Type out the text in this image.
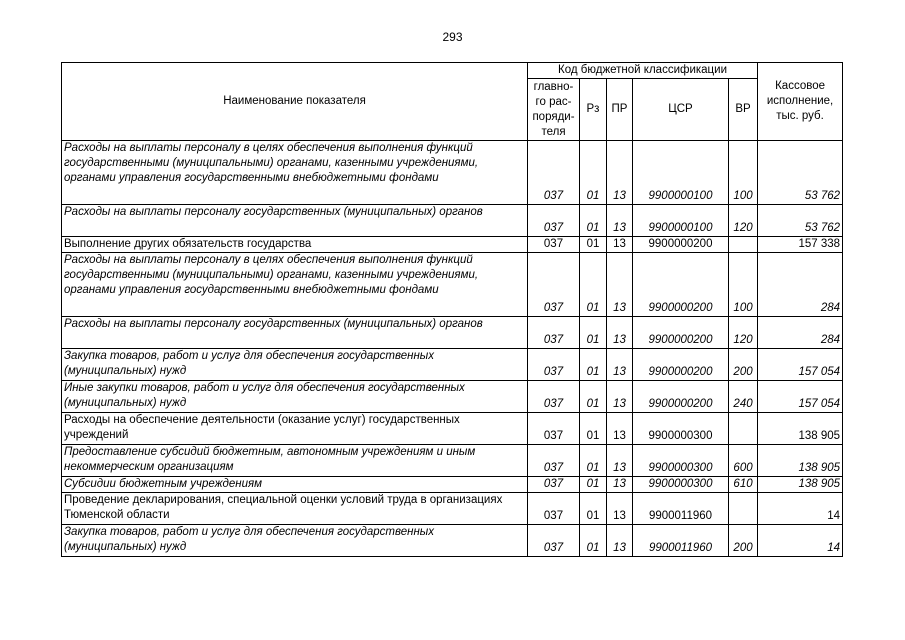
293
Наименование показателя	Код бюджетной классификации					Кассовое исполнение, тыс. руб.
	главно-го рас-поряди-теля	Рз	ПР	ЦСР	ВР	
Расходы на выплаты персоналу в целях обеспечения выполнения функций государственными (муниципальными) органами, казенными учреждениями, органами управления государственными внебюджетными фондами	037	01	13	9900000100	100	53 762
Расходы на выплаты персоналу государственных (муниципальных) органов	037	01	13	9900000100	120	53 762
Выполнение других обязательств государства	037	01	13	9900000200		157 338
Расходы на выплаты персоналу в целях обеспечения выполнения функций государственными (муниципальными) органами, казенными учреждениями, органами управления государственными внебюджетными фондами	037	01	13	9900000200	100	284
Расходы на выплаты персоналу государственных (муниципальных) органов	037	01	13	9900000200	120	284
Закупка товаров, работ и услуг для обеспечения государственных (муниципальных) нужд	037	01	13	9900000200	200	157 054
Иные закупки товаров, работ и услуг для обеспечения государственных (муниципальных) нужд	037	01	13	9900000200	240	157 054
Расходы на обеспечение деятельности (оказание услуг) государственных учреждений	037	01	13	9900000300		138 905
Предоставление субсидий бюджетным, автономным учреждениям и иным некоммерческим организациям	037	01	13	9900000300	600	138 905
Субсидии бюджетным учреждениям	037	01	13	9900000300	610	138 905
Проведение декларирования, специальной оценки условий труда в организациях Тюменской области	037	01	13	9900011960		14
Закупка товаров, работ и услуг для обеспечения государственных (муниципальных) нужд	037	01	13	9900011960	200	14
